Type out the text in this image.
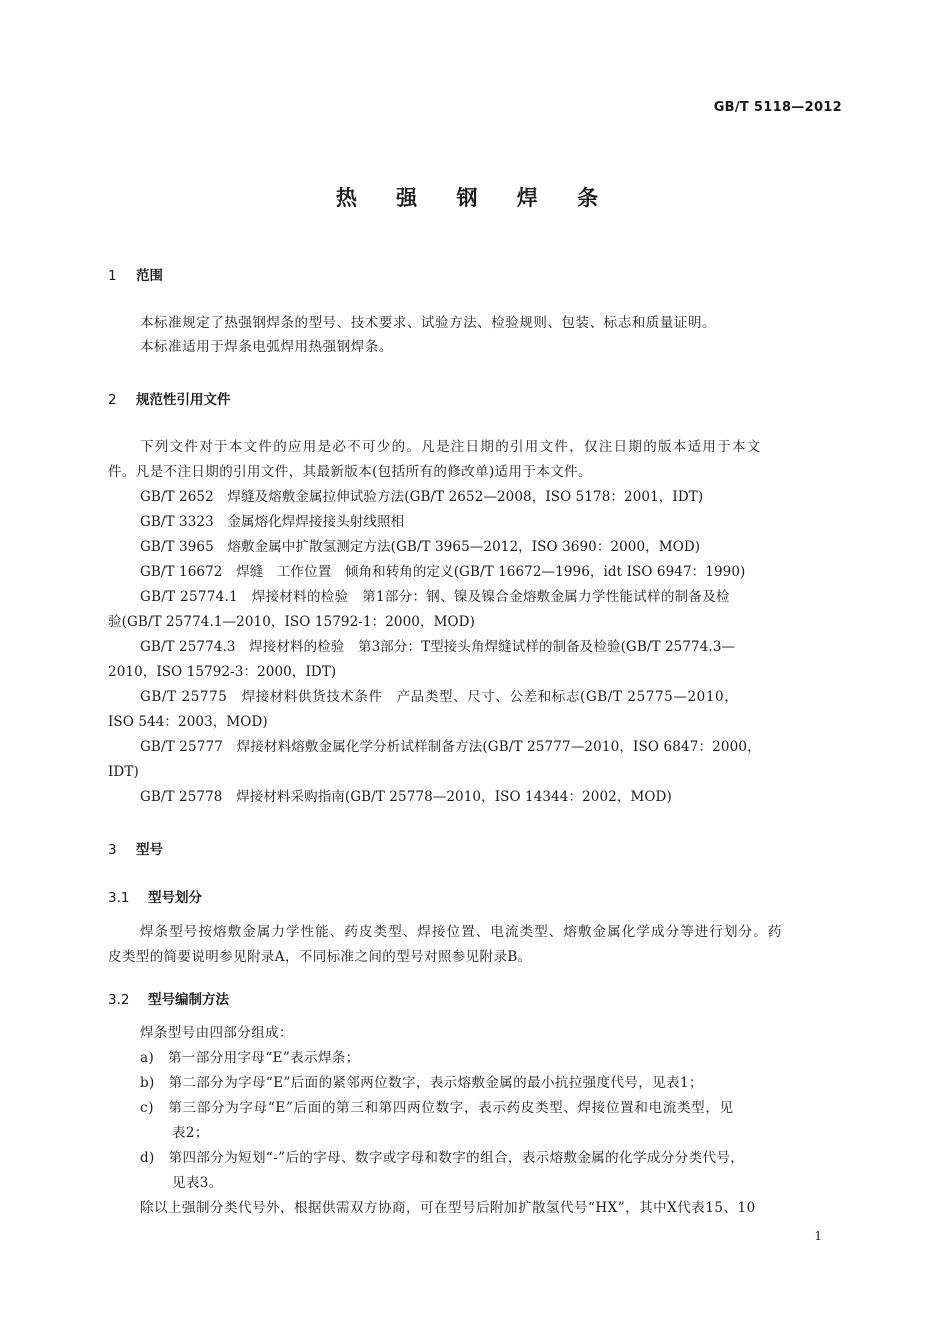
GB/T 5118—2012
热 强 钢 焊 条
1 范围
本标准规定了热强钢焊条的型号、技术要求、试验方法、检验规则、包装、标志和质量证明。
本标准适用于焊条电弧焊用热强钢焊条。
2 规范性引用文件
下列文件对于本文件的应用是必不可少的。凡是注日期的引用文件，仅注日期的版本适用于本文
件。凡是不注日期的引用文件，其最新版本(包括所有的修改单)适用于本文件。
GB/T 2652　焊缝及熔敷金属拉伸试验方法(GB/T 2652—2008，ISO 5178：2001，IDT)
GB/T 3323　金属熔化焊焊接接头射线照相
GB/T 3965　熔敷金属中扩散氢测定方法(GB/T 3965—2012，ISO 3690：2000，MOD)
GB/T 16672　焊缝　工作位置　倾角和转角的定义(GB/T 16672—1996，idt ISO 6947：1990)
GB/T 25774.1　焊接材料的检验　第1部分：钢、镍及镍合金熔敷金属力学性能试样的制备及检
验(GB/T 25774.1—2010，ISO 15792-1：2000，MOD)
GB/T 25774.3　焊接材料的检验　第3部分：T型接头角焊缝试样的制备及检验(GB/T 25774.3—
2010，ISO 15792-3：2000，IDT)
GB/T 25775　焊接材料供货技术条件　产品类型、尺寸、公差和标志(GB/T 25775—2010，
ISO 544：2003，MOD)
GB/T 25777　焊接材料熔敷金属化学分析试样制备方法(GB/T 25777—2010，ISO 6847：2000，
IDT)
GB/T 25778　焊接材料采购指南(GB/T 25778—2010，ISO 14344：2002，MOD)
3 型号
3.1 型号划分
焊条型号按熔敷金属力学性能、药皮类型、焊接位置、电流类型、熔敷金属化学成分等进行划分。药
皮类型的简要说明参见附录A，不同标准之间的型号对照参见附录B。
3.2 型号编制方法
焊条型号由四部分组成：
a)　第一部分用字母“E”表示焊条；
b)　第二部分为字母“E”后面的紧邻两位数字，表示熔敷金属的最小抗拉强度代号，见表1；
c)　第三部分为字母“E”后面的第三和第四两位数字，表示药皮类型、焊接位置和电流类型，见
表2；
d)　第四部分为短划“-”后的字母、数字或字母和数字的组合，表示熔敷金属的化学成分分类代号，
见表3。
除以上强制分类代号外，根据供需双方协商，可在型号后附加扩散氢代号“HX”，其中X代表15、10
1
